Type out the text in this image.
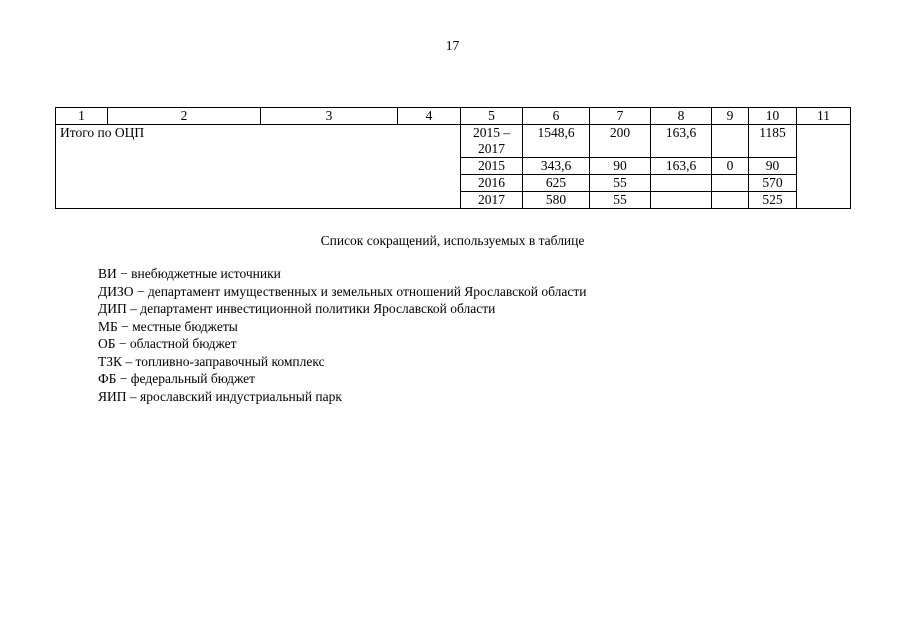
17
1	2	3	4	5	6	7	8	9	10	11
Итого по ОЦП				2015 – 2017	1548,6	200	163,6		1185	
				2015	343,6	90	163,6	0	90	
				2016	625	55			570	
				2017	580	55			525	
Список сокращений, используемых в таблице
ВИ − внебюджетные источники
ДИЗО − департамент имущественных и земельных отношений Ярославской области
ДИП – департамент инвестиционной политики Ярославской области
МБ − местные бюджеты
ОБ − областной бюджет
ТЗК – топливно-заправочный комплекс
ФБ − федеральный бюджет
ЯИП – ярославский индустриальный парк
